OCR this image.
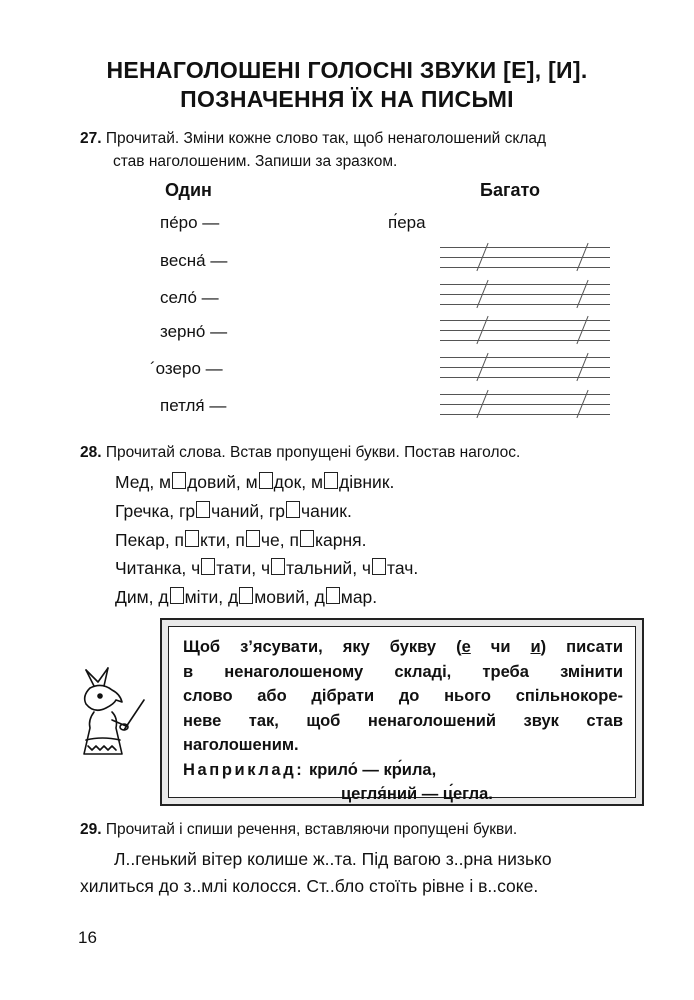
НЕНАГОЛОШЕНІ ГОЛОСНІ ЗВУКИ [Е], [И].
ПОЗНАЧЕННЯ ЇХ НА ПИСЬМІ
27. Прочитай. Зміни кожне слово так, щоб ненаголошений склад
став наголошеним. Запиши за зразком.
Один	Багато
пе́ро —	п́ера
весна́ —
село́ —
зерно́ —
´озеро —
петля́ —
28. Прочитай слова. Встав пропущені букви. Постав наголос.
Мед, м довий, м док, м дівник.
Гречка, гр чаний, гр чаник.
Пекар, п кти, п че, п карня.
Читанка, ч тати, ч тальний, ч тач.
Дим, д міти, д мовий, д мар.
Щоб з’ясувати, яку букву (е чи и) писати
в ненаголошеному складі, треба змінити
слово або дібрати до нього спільнокоре-
неве так, щоб ненаголошений звук став
наголошеним.
Наприклад: крило́ — кр́ила,
цегля́ний — ц́егла.
29. Прочитай і спиши речення, вставляючи пропущені букви.
Л..генький вітер колише ж..та. Під вагою з..рна низько
хилиться до з..млі колосся. Ст..бло стоїть рівне і в..соке.
16
